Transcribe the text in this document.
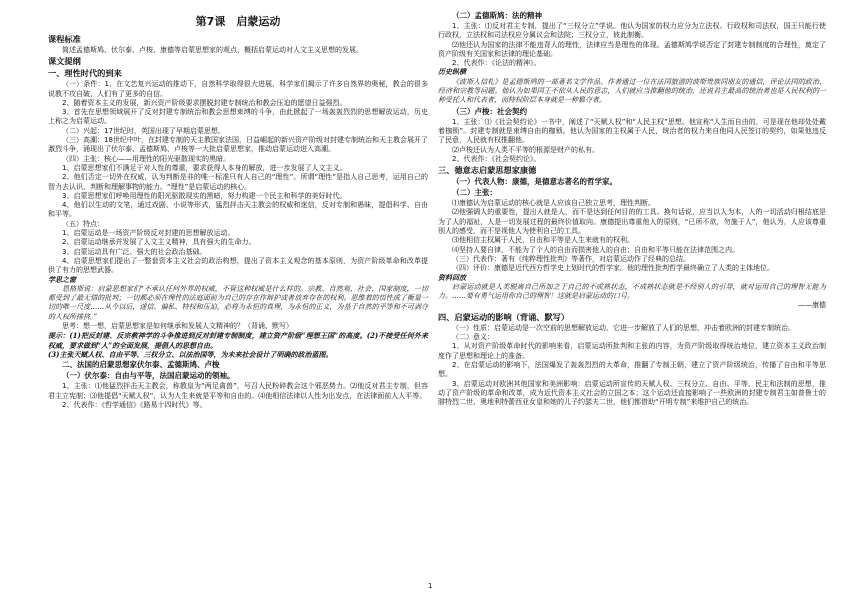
第7课　启蒙运动
课程标准
简述孟德斯鸠、伏尔泰、卢梭、康德等启蒙思想家的观点，概括启蒙运动对人文主义思想的发展。
课文提纲
一、理性时代的到来
（一）条件：1、在文艺复兴运动的推动下，自然科学取得很大进展，科学家们揭示了许多自然界的奥秘，教会的很多说教不攻自破，人们有了更多的自信。
2、随着资本主义的发展，新兴资产阶级要求摆脱封建专制统治和教会压迫的愿望日益强烈。
3、首先在思想领域展开了反对封建专制统治和教会思想束缚的斗争，由此掀起了一场轰轰烈烈的思想解放运动，历史上称之为启蒙运动。
（二）兴起：17世纪时，英国出现了早期启蒙思想。
（三）高潮：18世纪中叶，在封建专制的天主教国家法国，日益崛起的新兴资产阶级对封建专制统治和天主教会展开了激烈斗争，涌现出了伏尔泰、孟德斯鸠、卢梭等一大批启蒙思想家，推动启蒙运动进入高潮。
（四）主张：核心——用理性的阳光驱散现实的黑暗。
1、启蒙思想家们不满足于对人性的尊重，要求获得人本身的解放，进一步发展了人文主义。
2、他们否定一切外在权威，认为判断是非的唯一标准只有人自己的“理性”。所谓“理性”是指人自己思考，运用自己的智力去认识、判断和理解事物的能力。“理性”是启蒙运动的核心。
3、启蒙思想家们呼唤用理性的阳光驱散现实的黑暗，努力构建一个民主和科学的美好时代。
4、他们以生动的文笔，通过戏剧、小说等形式，猛烈抨击天主教会的权威和迷信，反对专制和愚昧，提倡科学、自由和平等。
（五）特点：
1、启蒙运动是一场资产阶级反对封建的思想解放运动。
2、启蒙运动继承并发展了人文主义精神，具有强大的生命力。
3、启蒙运动具有广泛、强大的社会政治基础。
4、启蒙思想家们提出了一整套资本主义社会的政治构想，提出了资本主义观念的基本原则，为资产阶级革命和改革提供了有力的思想武器。
学思之窗
恩格斯说：启蒙思想家们“不承认任何外界的权威，不管这种权威是什么样的。宗教、自然观、社会、国家制度，一切都受到了最无情的批判；一切都必须在理性的法庭面前为自己的存在作辩护或者放弃存在的权利。思维着的悟性成了衡量一切的唯一尺度……从今以后，迷信、偏私、特权和压迫，必将为永恒的真理，为永恒的正义，为基于自然的平等和不可剥夺的人权所排挤。”
思考：想一想，启蒙思想家是如何继承和发展人文精神的？（背诵、默写）
提示：(1)把反封建、反宗教神学的斗争推进到反对封建专制制度，建立资产阶级“理想王国”的高度。(2)不接受任何外来权威，要求做到“人”的全面发展，提倡人的思想自由。
(3)主张天赋人权、自由平等、三权分立、以法治国等，为未来社会设计了明确的政治蓝图。
二、法国的启蒙思想家伏尔泰、孟德斯鸠、卢梭
（一）伏尔泰：自由与平等，法国启蒙运动的领袖。
1、主张：⑴他猛烈抨击天主教会，称教皇为“两足禽兽”，号召人民粉碎教会这个邪恶势力。⑵他反对君主专制，但容君主立宪制；⑶他提倡“天赋人权”，认为人生来就是平等和自由的。⑷他相信法律以人性为出发点，在法律面前人人平等。
2、代表作：《哲学通信》《路易十四时代》等。
（二）孟德斯鸠：法的精神
1、主张：⑴反对君主专制，提出了“三权分立”学说。他认为国家的权力应分为立法权、行政权和司法权，国王只能行使行政权，立法权和司法权应分属议会和法院；三权分立，彼此制衡。
⑵他还认为国家的法律不能违背人的理性，法律应当是理性的体现。孟德斯鸠学说否定了封建专制制度的合理性，奠定了资产阶级有关国家和法律的理论基础。
2、代表作：《论法的精神》。
历史纵横
《波斯人信札》是孟德斯鸠的一部著名文学作品。作者通过一位在法国旅游的波斯贵族同朋友的通信，评论法国的政治、经济和宗教等问题。他认为如果国王不依从人民的意志，人们就应当推翻他的统治，还说君主最高的统治者也是人民权利的一种受托人和代表者，而特权阶层本身就是一种篡夺者。
（三）卢梭：社会契约
1、主张：⑴《社会契约论》一书中，阐述了“天赋人权”和“人民主权”思想。他宣称“人生而自由的，可是现在他却处处戴着枷锁”。封建专制就是束缚自由的枷锁。他认为国家的主权属于人民，统治者的权力来自他同人民签订的契约，如果他违反了民意，人民就有权推翻他。
⑵卢梭还认为人类不平等的根源是财产的私有。
2、代表作：《社会契约论》。
三、德意志启蒙思想家康德
（一）代表人物：康德，是德意志著名的哲学家。
（二）主张：
⑴康德认为启蒙运动的核心就是人应该自己独立思考，理性判断。
⑵他强调人的重要性，提出人就是人，而不是达到任何目的的工具。换句话说，应当以人为本，人的一切活动归根结底是为了人的福祉，人是一切发展过程的最终价值取向。康德提出尊重他人的原则，“已所不欲，勿施于人”，他认为，人应该尊重别人的感受，而不是视他人为使利自己的工具。
⑶他相信主权属于人民，自由和平等是人生来就有的权利。
⑷坚持人要自律，不能为了个人的自由而损害他人的自由；自由和平等只能在法律范围之内。
（三）代表作：著有《纯粹理性批判》等著作，对启蒙运动作了经典的总结。
（四）评价：康德是近代西方哲学史上划时代的哲学家。他的理性批判哲学最终确立了人类的主体地位。
资料回放
启蒙运动就是人类脱离自己所加之于自己的不成熟状态，不成熟状态就是不经别人的引导，就对运用自己的理智无能为力。……要有勇气运用你自己的理智！这就是启蒙运动的口号。
——康德
四、启蒙运动的影响（背诵、默写）
（一）性质：启蒙运动是一次空前的思想解放运动，它进一步解放了人们的思想，冲击着欧洲的封建专制统治。
（二）意义：
1、从对资产阶级革命时代的影响来看，启蒙运动所批判和主张的内容，为资产阶级取得统治地位，建立资本主义政治制度作了思想和理论上的准备。
2、在启蒙运动的影响下，法国爆发了轰轰烈烈的大革命，推翻了专制王朝，建立了资产阶级统治，传播了自由和平等思想。
3、启蒙运动对欧洲其他国家和美洲影响：启蒙运动所宣传的天赋人权、三权分立、自由、平等、民主和法制的思想，推动了资产阶级的革命和改革，成为近代资本主义社会的立国之本；这个运动还直接影响了一些欧洲的封建专制君主如普鲁士的腓特烈二世、奥地利特蕾西亚女皇和她的儿子约瑟夫二世，他们都借助“开明专制”来维护自己的统治。
1
